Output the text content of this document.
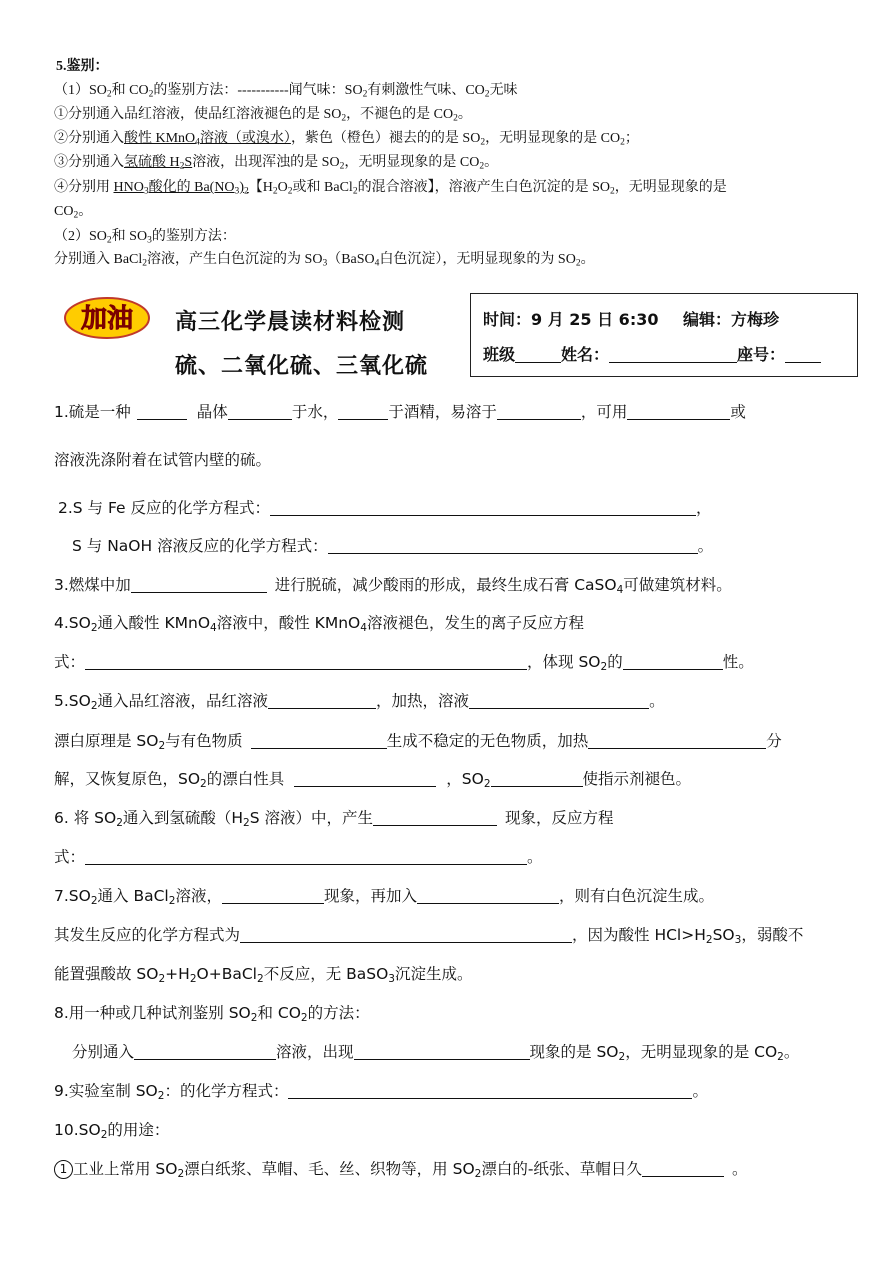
5.鉴别：
$(1)SO_2$和 $CO_2$的鉴别方法：-----------闻气味：$SO_2$有刺激性气味、$CO_2$无味
①分别通入品红溶液，使品红溶液褪色的是 $SO_2$，不褪色的是 $CO_2$。
②分别通入酸性 KMnO$_4$溶液（或溴水），紫色（橙色）褪去的的是 $SO_2$，无明显现象的是 $CO_2$；
③分别通入氢硫酸 $H_2S$溶液，出现浑浊的是 $SO_2$，无明显现象的是 $CO_2$。
④分别用 $HNO_3$酸化的 $Ba(NO_3)_2$【$H_2O_2$或和 BaCl$_2$的混合溶液】，溶液产生白色沉淀的是 $SO_2$，无明显现象的是
$CO_2$。
$(2)SO_2$和 $SO_3$的鉴别方法：
分别通入 BaCl$_2$溶液，产生白色沉淀的为 $SO_3(BaSO_4$白色沉淀），无明显现象的为 $SO_2$。
加油 高三化学晨读材料检测
硫、二氧化硫、三氧化硫
时间：9 月 25 日 6:30 编辑：方梅珍
班级	姓名：	座号：
1.硫是一种	晶体	于水，	于酒精，易溶于	，可用	或
溶液洗涤附着在试管内壁的硫。
2.S 与 Fe 反应的化学方程式：	，
S 与 NaOH 溶液反应的化学方程式：	。
3.燃煤中加	进行脱硫，减少酸雨的形成，最终生成石膏 CaSO$_4$可做建筑材料。
$4.SO_2$通入酸性 KMnO$_4$溶液中，酸性 KMnO$_4$溶液褪色，发生的离子反应方程
式：	，体现 $SO_2$的	性。
$5.SO_2$通入品红溶液，品红溶液	，加热，溶液	。
漂白原理是 $SO_2$与有色物质	生成不稳定的无色物质，加热	分
解，又恢复原色，$SO_2$的漂白性具	，$SO_2$	使指示剂褪色。
6. 将 $SO_2$通入到氢硫酸（$H_2S$ 溶液）中，产生	现象，反应方程
式：	。
$7.SO_2$通入 BaCl$_2$溶液，	现象，再加入	，则有白色沉淀生成。
其发生反应的化学方程式为	，因为酸性 $HCl>H_2SO_3$，弱酸不
能置强酸故 $SO_2+H_2O+BaCl_2$不反应，无 BaSO$_3$沉淀生成。
8.用一种或几种试剂鉴别 $SO_2$和 $CO_2$的方法：
分别通入	溶液，出现	现象的是 $SO_2$，无明显现象的是 $CO_2$。
9.实验室制 $SO_2$：的化学方程式：	。
$10.SO_2$的用途：
1 工业上常用 $SO_2$漂白纸浆、草帽、毛、丝、织物等，用 $SO_2$漂白的-纸张、草帽日久	。
